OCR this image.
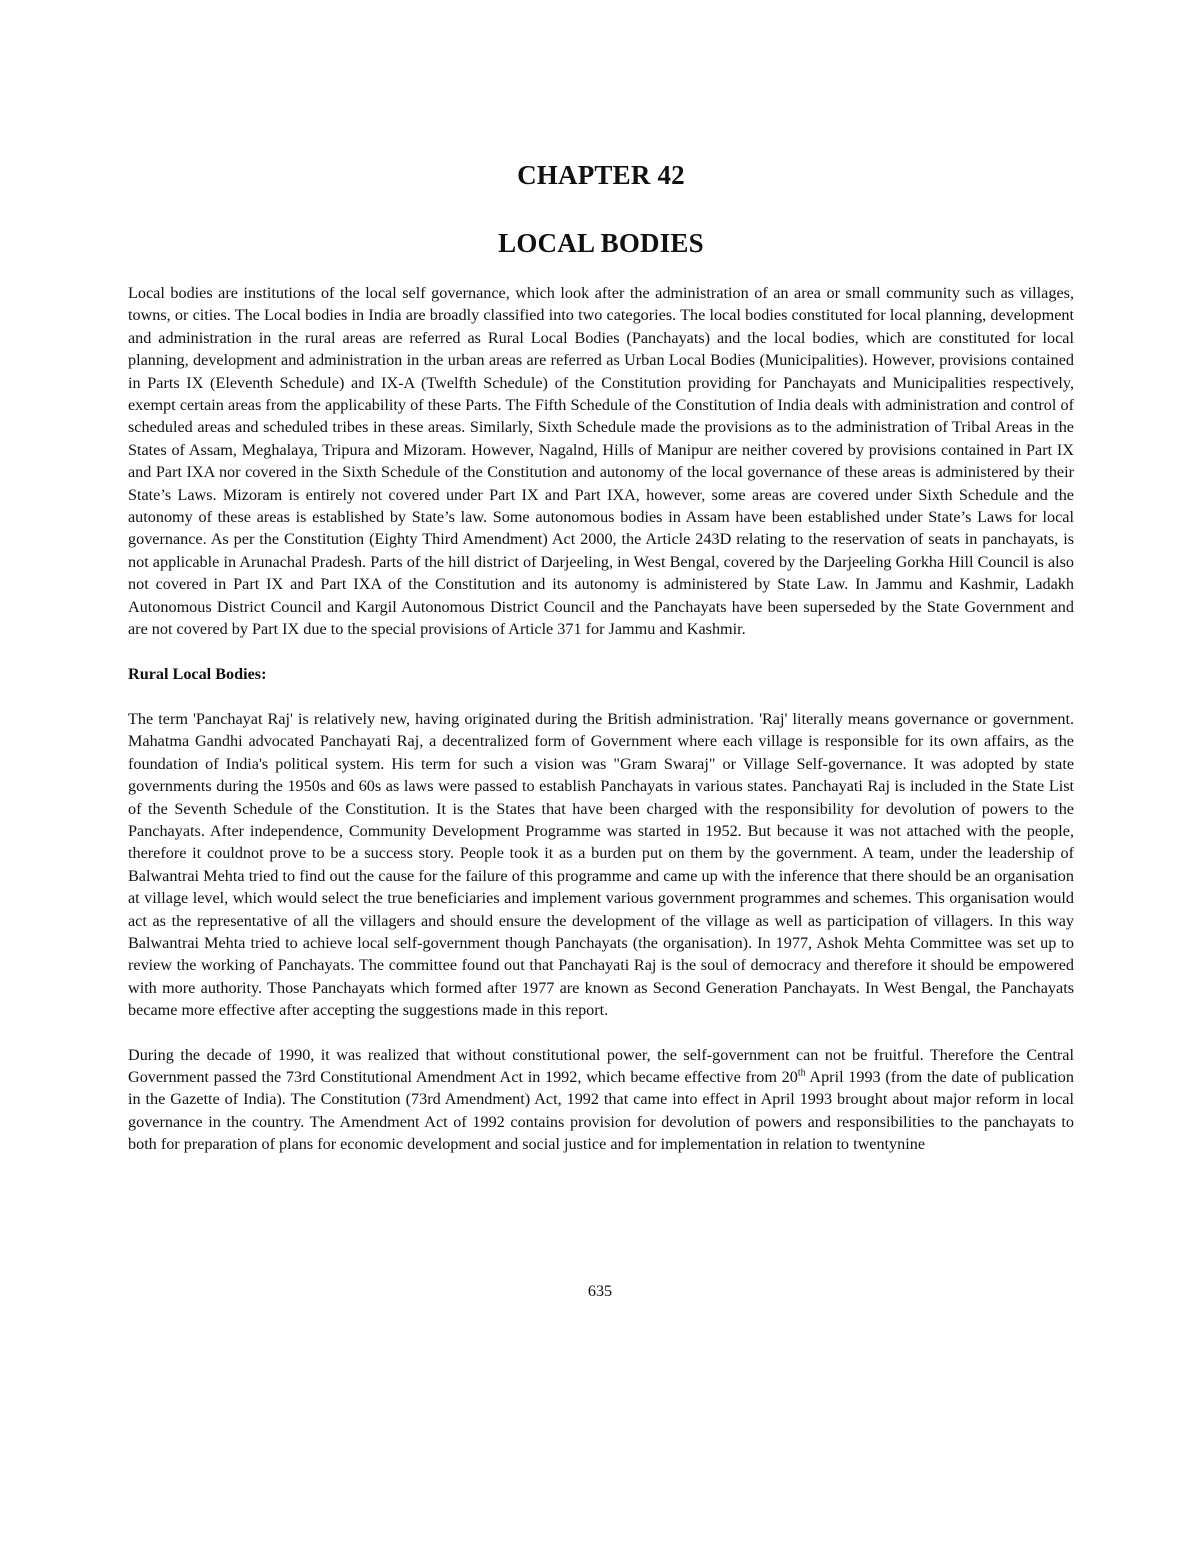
CHAPTER 42
LOCAL BODIES

Local bodies are institutions of the local self governance, which look after the administration of an area or small community such as villages, towns, or cities. The Local bodies in India are broadly classified into two categories. The local bodies constituted for local planning, development and administration in the rural areas are referred as Rural Local Bodies (Panchayats) and the local bodies, which are constituted for local planning, development and administration in the urban areas are referred as Urban Local Bodies (Municipalities). However, provisions contained in Parts IX (Eleventh Schedule) and IX-A (Twelfth Schedule) of the Constitution providing for Panchayats and Municipalities respectively, exempt certain areas from the applicability of these Parts. The Fifth Schedule of the Constitution of India deals with administration and control of scheduled areas and scheduled tribes in these areas. Similarly, Sixth Schedule made the provisions as to the administration of Tribal Areas in the States of Assam, Meghalaya, Tripura and Mizoram. However, Nagalnd, Hills of Manipur are neither covered by provisions contained in Part IX and Part IXA nor covered in the Sixth Schedule of the Constitution and autonomy of the local governance of these areas is administered by their State’s Laws. Mizoram is entirely not covered under Part IX and Part IXA, however, some areas are covered under Sixth Schedule and the autonomy of these areas is established by State’s law. Some autonomous bodies in Assam have been established under State’s Laws for local governance. As per the Constitution (Eighty Third Amendment) Act 2000, the Article 243D relating to the reservation of seats in panchayats, is not applicable in Arunachal Pradesh. Parts of the hill district of Darjeeling, in West Bengal, covered by the Darjeeling Gorkha Hill Council is also not covered in Part IX and Part IXA of the Constitution and its autonomy is administered by State Law. In Jammu and Kashmir, Ladakh Autonomous District Council and Kargil Autonomous District Council and the Panchayats have been superseded by the State Government and are not covered by Part IX due to the special provisions of Article 371 for Jammu and Kashmir.

Rural Local Bodies:

The term 'Panchayat Raj' is relatively new, having originated during the British administration. 'Raj' literally means governance or government. Mahatma Gandhi advocated Panchayati Raj, a decentralized form of Government where each village is responsible for its own affairs, as the foundation of India's political system. His term for such a vision was "Gram Swaraj" or Village Self-governance. It was adopted by state governments during the 1950s and 60s as laws were passed to establish Panchayats in various states. Panchayati Raj is included in the State List of the Seventh Schedule of the Constitution. It is the States that have been charged with the responsibility for devolution of powers to the Panchayats. After independence, Community Development Programme was started in 1952. But because it was not attached with the people, therefore it couldnot prove to be a success story. People took it as a burden put on them by the government. A team, under the leadership of Balwantrai Mehta tried to find out the cause for the failure of this programme and came up with the inference that there should be an organisation at village level, which would select the true beneficiaries and implement various government programmes and schemes. This organisation would act as the representative of all the villagers and should ensure the development of the village as well as participation of villagers. In this way Balwantrai Mehta tried to achieve local self-government though Panchayats (the organisation). In 1977, Ashok Mehta Committee was set up to review the working of Panchayats. The committee found out that Panchayati Raj is the soul of democracy and therefore it should be empowered with more authority. Those Panchayats which formed after 1977 are known as Second Generation Panchayats. In West Bengal, the Panchayats became more effective after accepting the suggestions made in this report.

During the decade of 1990, it was realized that without constitutional power, the self-government can not be fruitful. Therefore the Central Government passed the 73rd Constitutional Amendment Act in 1992, which became effective from 20th April 1993 (from the date of publication in the Gazette of India). The Constitution (73rd Amendment) Act, 1992 that came into effect in April 1993 brought about major reform in local governance in the country. The Amendment Act of 1992 contains provision for devolution of powers and responsibilities to the panchayats to both for preparation of plans for economic development and social justice and for implementation in relation to twentynine

635
